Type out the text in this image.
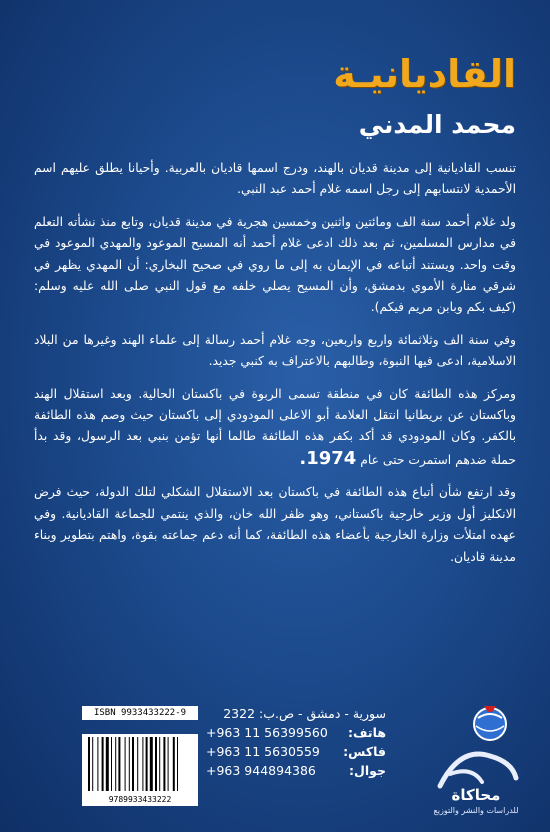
القاديانيـة
محمد المدني

تنسب القاديانية إلى مدينة قديان بالهند، ودرج اسمها قاديان بالعربية. وأحيانا يطلق عليهم اسم الأحمدية لانتسابهم إلى رجل اسمه غلام أحمد عبد النبي.

ولد غلام أحمد سنة الف ومائتين واثنين وخمسين هجرية في مدينة قديان، وتابع منذ نشأته التعلم في مدارس المسلمين، ثم بعد ذلك ادعى غلام أحمد أنه المسيح الموعود والمهدي الموعود في وقت واحد. ويستند أتباعه في الإيمان به إلى ما روي في صحيح البخاري: أن المهدي يظهر في شرقي منارة الأموي بدمشق، وأن المسيح يصلي خلفه مع قول النبي صلى الله عليه وسلم: (كيف بكم وبابن مريم فيكم).

وفي سنة الف وثلاثمائة واربع واربعين، وجه غلام أحمد رسالة إلى علماء الهند وغيرها من البلاد الاسلامية، ادعى فيها النبوة، وطالبهم بالاعتراف به كنبي جديد.

ومركز هذه الطائفة كان في منطقة تسمى الربوة في باكستان الحالية. وبعد استقلال الهند وباكستان عن بريطانيا انتقل العلامة أبو الاعلى المودودي إلى باكستان حيث وصم هذه الطائفة بالكفر. وكان المودودي قد أكد بكفر هذه الطائفة طالما أنها تؤمن بنبي بعد الرسول، وقد بدأ حملة ضدهم استمرت حتى عام 1974.

وقد ارتفع شأن أتباع هذه الطائفة في باكستان بعد الاستقلال الشكلي لتلك الدولة، حيث فرض الانكليز أول وزير خارجية باكستاني، وهو ظفر الله خان، والذي ينتمي للجماعة القاديانية. وفي عهده امتلأت وزارة الخارجية بأعضاء هذه الطائفة، كما أنه دعم جماعته بقوة، واهتم بتطوير وبناء مدينة قاديان.

ISBN 9933433222-9
9789933433222
سورية - دمشق - ص.ب: 2322
هاتف:
+963 11 56399560
فاكس:
+963 11 5630559
جوال:
+963 944894386
محاكاة
للدراسات والنشر والتوزيع
